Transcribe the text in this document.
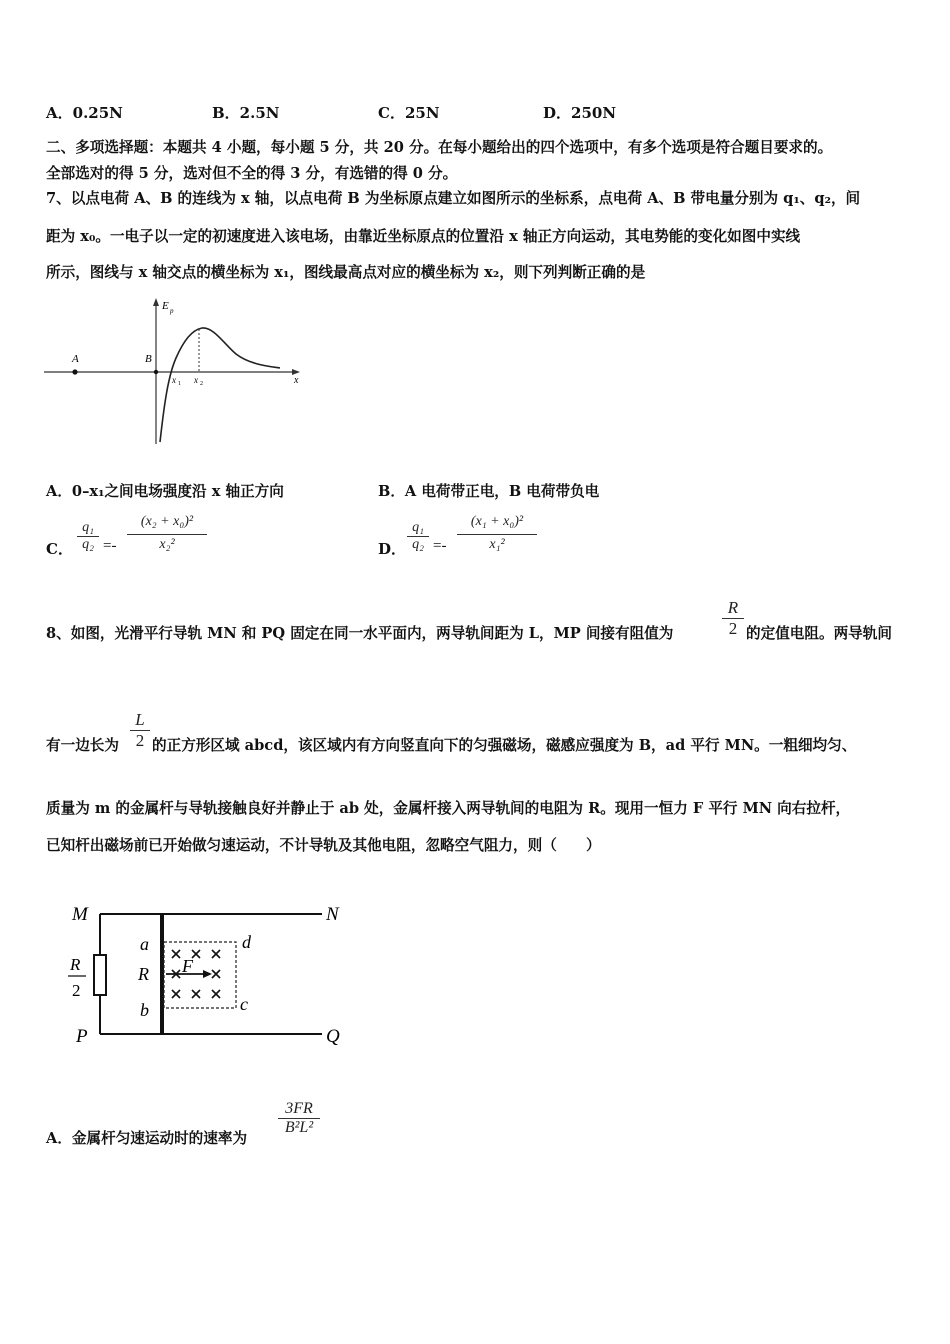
A．0.25N	B．2.5N	C．25N	D．250N
二、多项选择题：本题共 4 小题，每小题 5 分，共 20 分。在每小题给出的四个选项中，有多个选项是符合题目要求的。
全部选对的得 5 分，选对但不全的得 3 分，有选错的得 0 分。
7、以点电荷 A、B 的连线为 x 轴，以点电荷 B 为坐标原点建立如图所示的坐标系，点电荷 A、B 带电量分别为 q₁、q₂，间
距为 x₀。一电子以一定的初速度进入该电场，由靠近坐标原点的位置沿 x 轴正方向运动，其电势能的变化如图中实线
所示，图线与 x 轴交点的横坐标为 x₁，图线最高点对应的横坐标为 x₂，则下列判断正确的是
A	B
E p
x
x 1 x 2
A．0–x₁之间电场强度沿 x 轴正方向	B．A 电荷带正电，B 电荷带负电
C． $\frac{\text{q₁}}{\text{q₂}} =- \frac{\text{(x₂ + x₀)²}}{\text{x₂²}}$	D． $\frac{\text{q₁}}{\text{q₂}} =- \frac{\text{(x₁ + x₀)²}}{\text{x₁²}}$
8、如图，光滑平行导轨 MN 和 PQ 固定在同一水平面内，两导轨间距为 L，MP 间接有阻值为	$\frac{R}{2}$ 的定值电阻。两导轨间
有一边长为 $\frac{L}{2}$ 的正方形区域 abcd，该区域内有方向竖直向下的匀强磁场，磁感应强度为 B，ad 平行 MN。一粗细均匀、
质量为 m 的金属杆与导轨接触良好并静止于 ab 处，金属杆接入两导轨间的电阻为 R。现用一恒力 F 平行 MN 向右拉杆，
已知杆出磁场前已开始做匀速运动，不计导轨及其他电阻，忽略空气阻力，则（　　）
M	N
P	Q
R
2
a
R
b	c
d
F
A．金属杆匀速运动时的速率为
$\frac{3FR}{\text{B²L²}}$
